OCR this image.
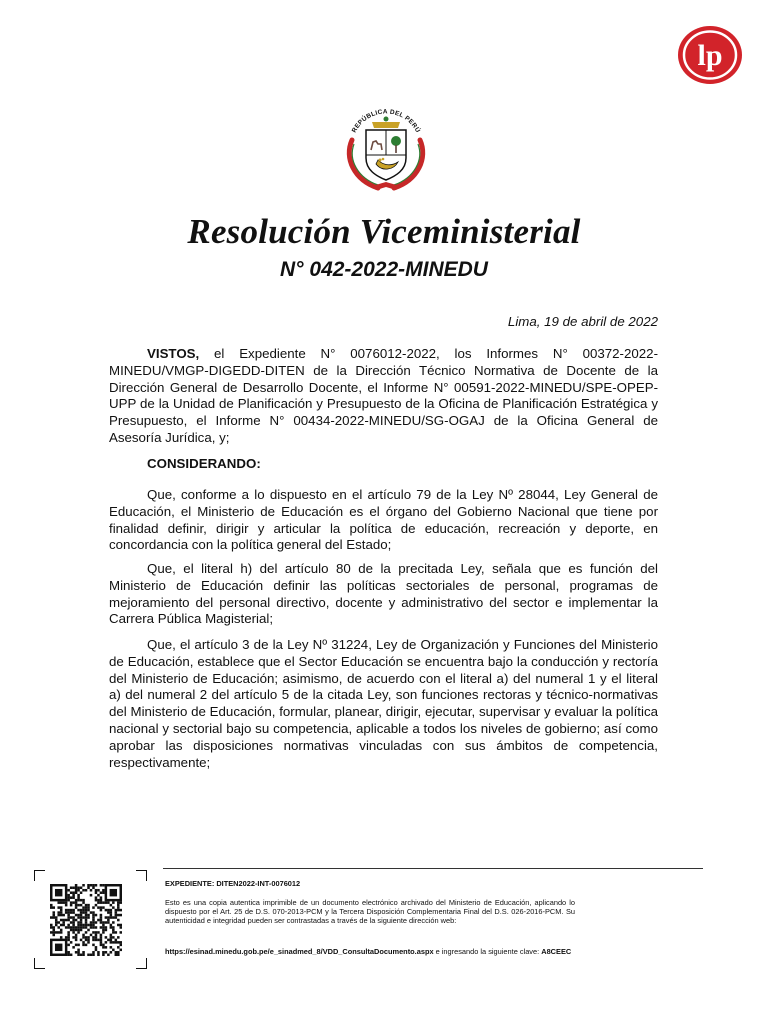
lp
REPÚBLICA DEL PERÚ
Resolución Viceministerial
N° 042-2022-MINEDU
Lima, 19 de abril de 2022

VISTOS, el Expediente N° 0076012-2022, los Informes N° 00372-2022-MINEDU/VMGP-DIGEDD-DITEN de la Dirección Técnico Normativa de Docente de la Dirección General de Desarrollo Docente, el Informe N° 00591-2022-MINEDU/SPE-OPEP-UPP de la Unidad de Planificación y Presupuesto de la Oficina de Planificación Estratégica y Presupuesto, el Informe N° 00434-2022-MINEDU/SG-OGAJ de la Oficina General de Asesoría Jurídica, y;

CONSIDERANDO:

Que, conforme a lo dispuesto en el artículo 79 de la Ley Nº 28044, Ley General de Educación, el Ministerio de Educación es el órgano del Gobierno Nacional que tiene por finalidad definir, dirigir y articular la política de educación, recreación y deporte, en concordancia con la política general del Estado;

Que, el literal h) del artículo 80 de la precitada Ley, señala que es función del Ministerio de Educación definir las políticas sectoriales de personal, programas de mejoramiento del personal directivo, docente y administrativo del sector e implementar la Carrera Pública Magisterial;

Que, el artículo 3 de la Ley Nº 31224, Ley de Organización y Funciones del Ministerio de Educación, establece que el Sector Educación se encuentra bajo la conducción y rectoría del Ministerio de Educación; asimismo, de acuerdo con el literal a) del numeral 1 y el literal a) del numeral 2 del artículo 5 de la citada Ley, son funciones rectoras y técnico-normativas del Ministerio de Educación, formular, planear, dirigir, ejecutar, supervisar y evaluar la política nacional y sectorial bajo su competencia, aplicable a todos los niveles de gobierno; así como aprobar las disposiciones normativas vinculadas con sus ámbitos de competencia, respectivamente;

EXPEDIENTE: DITEN2022-INT-0076012
Esto es una copia autentica imprimible de un documento electrónico archivado del Ministerio de Educación, aplicando lo dispuesto por el Art. 25 de D.S. 070-2013-PCM y la Tercera Disposición Complementaria Final del D.S. 026-2016-PCM. Su autenticidad e integridad pueden ser contrastadas a través de la siguiente dirección web:
https://esinad.minedu.gob.pe/e_sinadmed_8/VDD_ConsultaDocumento.aspx e ingresando la siguiente clave: A8CEEC
